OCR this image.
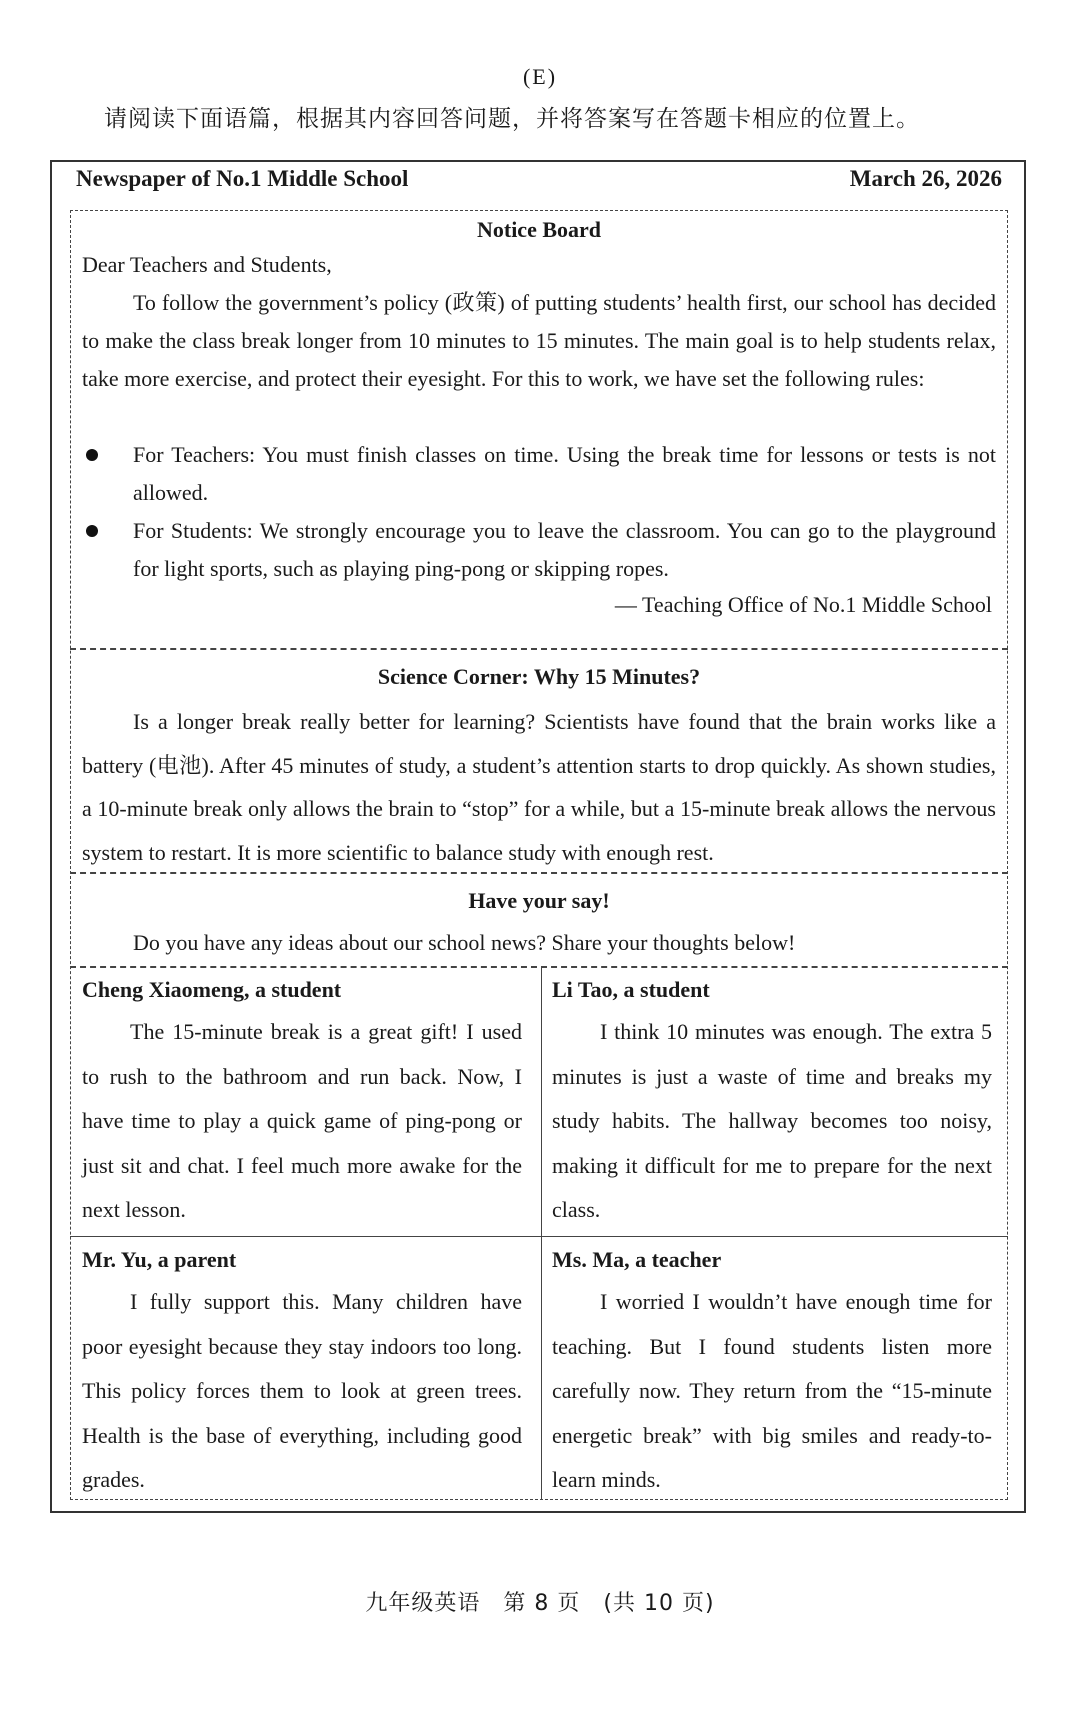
(E)
请阅读下面语篇，根据其内容回答问题，并将答案写在答题卡相应的位置上。
Newspaper of No.1 Middle School	March 26, 2026
Notice Board
Dear Teachers and Students,
To follow the government’s policy (政策) of putting students’ health first, our school has decided to make the class break longer from 10 minutes to 15 minutes. The main goal is to help students relax, take more exercise, and protect their eyesight. For this to work, we have set the following rules:
For Teachers: You must finish classes on time. Using the break time for lessons or tests is not allowed.
For Students: We strongly encourage you to leave the classroom. You can go to the playground for light sports, such as playing ping-pong or skipping ropes.
— Teaching Office of No.1 Middle School
Science Corner: Why 15 Minutes?
Is a longer break really better for learning? Scientists have found that the brain works like a battery (电池). After 45 minutes of study, a student’s attention starts to drop quickly. As shown studies, a 10-minute break only allows the brain to “stop” for a while, but a 15-minute break allows the nervous system to restart. It is more scientific to balance study with enough rest.
Have your say!
Do you have any ideas about our school news? Share your thoughts below!
Cheng Xiaomeng, a student
The 15-minute break is a great gift! I used to rush to the bathroom and run back. Now, I have time to play a quick game of ping-pong or just sit and chat. I feel much more awake for the next lesson.
Li Tao, a student
I think 10 minutes was enough. The extra 5 minutes is just a waste of time and breaks my study habits. The hallway becomes too noisy, making it difficult for me to prepare for the next class.
Mr. Yu, a parent
I fully support this. Many children have poor eyesight because they stay indoors too long. This policy forces them to look at green trees. Health is the base of everything, including good grades.
Ms. Ma, a teacher
I worried I wouldn’t have enough time for teaching. But I found students listen more carefully now. They return from the “15-minute energetic break” with big smiles and ready-to-learn minds.
九年级英语　第 8 页　(共 10 页)
